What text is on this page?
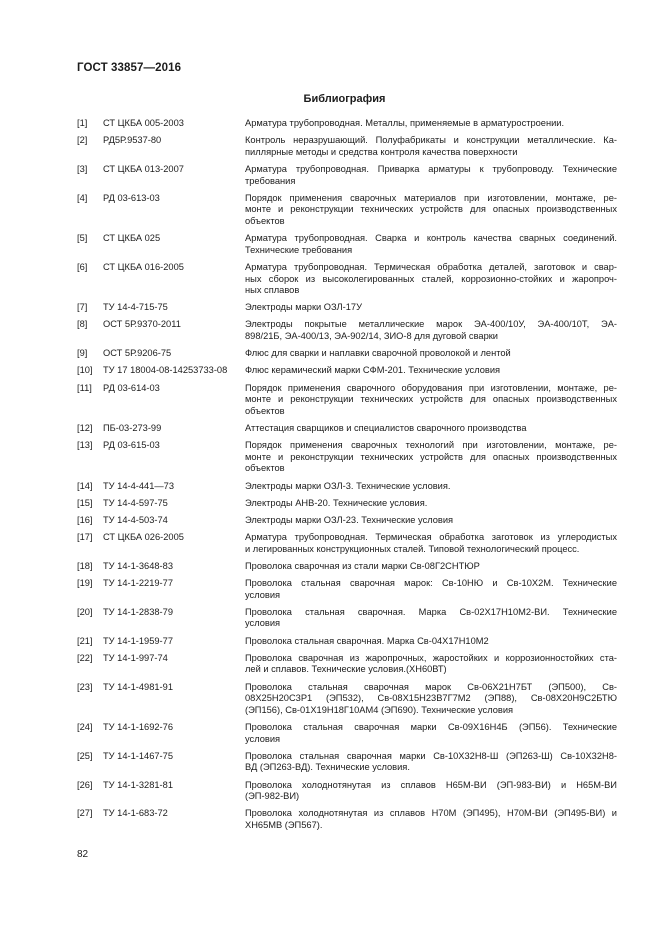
ГОСТ 33857—2016
Библиография
[1]	СТ ЦКБА 005-2003	Арматура трубопроводная. Металлы, применяемые в арматуростроении.
[2]	РД5Р.9537-80	Контроль неразрушающий. Полуфабрикаты и конструкции металлические. Ка-
пиллярные методы и средства контроля качества поверхности
[3]	СТ ЦКБА 013-2007	Арматура трубопроводная. Приварка арматуры к трубопроводу. Технические
требования
[4]	РД 03-613-03	Порядок применения сварочных материалов при изготовлении, монтаже, ре-
монте и реконструкции технических устройств для опасных производственных
объектов
[5]	СТ ЦКБА 025	Арматура трубопроводная. Сварка и контроль качества сварных соединений.
Технические требования
[6]	СТ ЦКБА 016-2005	Арматура трубопроводная. Термическая обработка деталей, заготовок и свар-
ных сборок из высоколегированных сталей, коррозионно-стойких и жаропроч-
ных сплавов
[7]	ТУ 14-4-715-75	Электроды марки ОЗЛ-17У
[8]	ОСТ 5Р.9370-2011	Электроды покрытые металлические марок ЭА-400/10У, ЭА-400/10Т, ЭА-
898/21Б, ЭА-400/13, ЭА-902/14, ЗИО-8 для дуговой сварки
[9]	ОСТ 5Р.9206-75	Флюс для сварки и наплавки сварочной проволокой и лентой
[10]	ТУ 17 18004-08-14253733-08	Флюс керамический марки СФМ-201. Технические условия
[11]	РД 03-614-03	Порядок применения сварочного оборудования при изготовлении, монтаже, ре-
монте и реконструкции технических устройств для опасных производственных
объектов
[12]	ПБ-03-273-99	Аттестация сварщиков и специалистов сварочного производства
[13]	РД 03-615-03	Порядок применения сварочных технологий при изготовлении, монтаже, ре-
монте и реконструкции технических устройств для опасных производственных
объектов
[14]	ТУ 14-4-441—73	Электроды марки ОЗЛ-3. Технические условия.
[15]	ТУ 14-4-597-75	Электроды АНВ-20. Технические условия.
[16]	ТУ 14-4-503-74	Электроды марки ОЗЛ-23. Технические условия
[17]	СТ ЦКБА 026-2005	Арматура трубопроводная. Термическая обработка заготовок из углеродистых
и легированных конструкционных сталей. Типовой технологический процесс.
[18]	ТУ 14-1-3648-83	Проволока сварочная из стали марки Св-08Г2СНТЮР
[19]	ТУ 14-1-2219-77	Проволока стальная сварочная марок: Св-10НЮ и Св-10Х2М. Технические
условия
[20]	ТУ 14-1-2838-79	Проволока стальная сварочная. Марка Св-02Х17Н10М2-ВИ. Технические
условия
[21]	ТУ 14-1-1959-77	Проволока стальная сварочная. Марка Св-04Х17Н10М2
[22]	ТУ 14-1-997-74	Проволока сварочная из жаропрочных, жаростойких и коррозионностойких ста-
лей и сплавов. Технические условия.(ХН60ВТ)
[23]	ТУ 14-1-4981-91	Проволока стальная сварочная марок Св-06Х21Н7БТ (ЭП500), Св-
08Х25Н20С3Р1 (ЭП532), Св-08Х15Н23В7Г7М2 (ЭП88), Св-08Х20Н9С2БТЮ
(ЭП156), Св-01Х19Н18Г10АМ4 (ЭП690). Технические условия
[24]	ТУ 14-1-1692-76	Проволока стальная сварочная марки Св-09Х16Н4Б (ЭП56). Технические
условия
[25]	ТУ 14-1-1467-75	Проволока стальная сварочная марки Св-10Х32Н8-Ш (ЭП263-Ш) Св-10Х32Н8-
ВД (ЭП263-ВД). Технические условия.
[26]	ТУ 14-1-3281-81	Проволока холоднотянутая из сплавов Н65М-ВИ (ЭП-983-ВИ) и Н65М-ВИ
(ЭП-982-ВИ)
[27]	ТУ 14-1-683-72	Проволока холоднотянутая из сплавов Н70М (ЭП495), Н70М-ВИ (ЭП495-ВИ) и
ХН65МВ (ЭП567).
82
